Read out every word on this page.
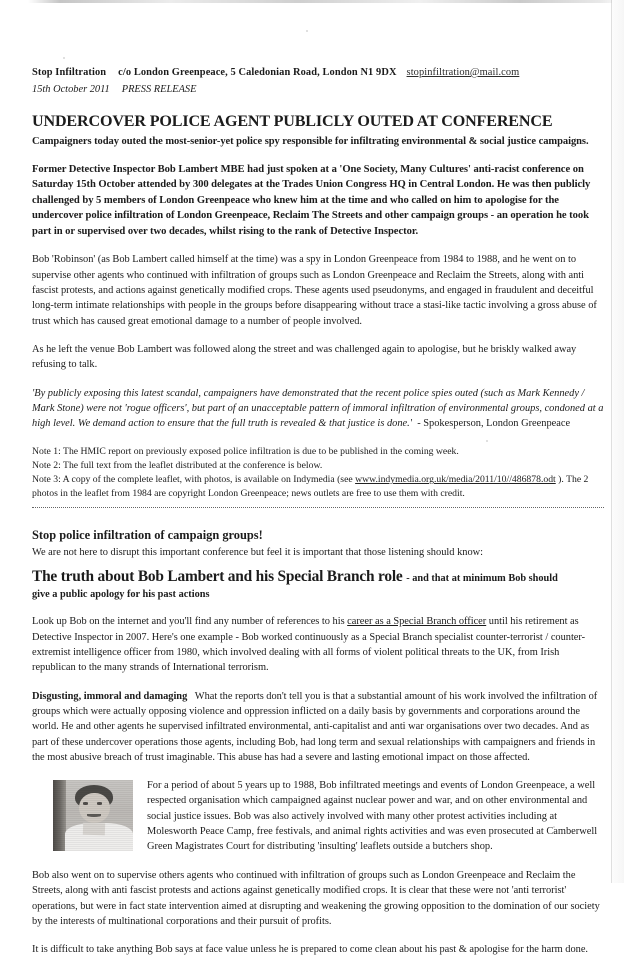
Stop Infiltration c/o London Greenpeace, 5 Caledonian Road, London N1 9DX stopinfiltration@mail.com
15th October 2011 PRESS RELEASE
UNDERCOVER POLICE AGENT PUBLICLY OUTED AT CONFERENCE
Campaigners today outed the most-senior-yet police spy responsible for infiltrating environmental & social justice campaigns.

Former Detective Inspector Bob Lambert MBE had just spoken at a 'One Society, Many Cultures' anti-racist conference on Saturday 15th October attended by 300 delegates at the Trades Union Congress HQ in Central London. He was then publicly challenged by 5 members of London Greenpeace who knew him at the time and who called on him to apologise for the undercover police infiltration of London Greenpeace, Reclaim The Streets and other campaign groups - an operation he took part in or supervised over two decades, whilst rising to the rank of Detective Inspector.

Bob 'Robinson' (as Bob Lambert called himself at the time) was a spy in London Greenpeace from 1984 to 1988, and he went on to supervise other agents who continued with infiltration of groups such as London Greenpeace and Reclaim the Streets, along with anti fascist protests, and actions against genetically modified crops. These agents used pseudonyms, and engaged in fraudulent and deceitful long-term intimate relationships with people in the groups before disappearing without trace a stasi-like tactic involving a gross abuse of trust which has caused great emotional damage to a number of people involved.

As he left the venue Bob Lambert was followed along the street and was challenged again to apologise, but he briskly walked away refusing to talk.

'By publicly exposing this latest scandal, campaigners have demonstrated that the recent police spies outed (such as Mark Kennedy / Mark Stone) were not 'rogue officers', but part of an unacceptable pattern of immoral infiltration of environmental groups, condoned at a high level. We demand action to ensure that the full truth is revealed & that justice is done.' - Spokesperson, London Greenpeace

Note 1: The HMIC report on previously exposed police infiltration is due to be published in the coming week.
Note 2: The full text from the leaflet distributed at the conference is below.
Note 3: A copy of the complete leaflet, with photos, is available on Indymedia (see www.indymedia.org.uk/media/2011/10//486878.odt ). The 2 photos in the leaflet from 1984 are copyright London Greenpeace; news outlets are free to use them with credit.
Stop police infiltration of campaign groups!
We are not here to disrupt this important conference but feel it is important that those listening should know:
The truth about Bob Lambert and his Special Branch role - and that at minimum Bob should
give a public apology for his past actions

Look up Bob on the internet and you'll find any number of references to his career as a Special Branch officer until his retirement as Detective Inspector in 2007. Here's one example - Bob worked continuously as a Special Branch specialist counter-terrorist / counter-extremist intelligence officer from 1980, which involved dealing with all forms of violent political threats to the UK, from Irish republican to the many strands of International terrorism.

Disgusting, immoral and damaging What the reports don't tell you is that a substantial amount of his work involved the infiltration of groups which were actually opposing violence and oppression inflicted on a daily basis by governments and corporations around the world. He and other agents he supervised infiltrated environmental, anti-capitalist and anti war organisations over two decades. And as part of these undercover operations those agents, including Bob, had long term and sexual relationships with campaigners and friends in the most abusive breach of trust imaginable. This abuse has had a severe and lasting emotional impact on those affected.

For a period of about 5 years up to 1988, Bob infiltrated meetings and events of London Greenpeace, a well respected organisation which campaigned against nuclear power and war, and on other environmental and social justice issues. Bob was also actively involved with many other protest activities including at Molesworth Peace Camp, free festivals, and animal rights activities and was even prosecuted at Camberwell Green Magistrates Court for distributing 'insulting' leaflets outside a butchers shop.

Bob also went on to supervise others agents who continued with infiltration of groups such as London Greenpeace and Reclaim the Streets, along with anti fascist protests and actions against genetically modified crops. It is clear that these were not 'anti terrorist' operations, but were in fact state intervention aimed at disrupting and weakening the growing opposition to the domination of our society by the interests of multinational corporations and their pursuit of profits.

It is difficult to take anything Bob says at face value unless he is prepared to come clean about his past & apologise for the harm done.
